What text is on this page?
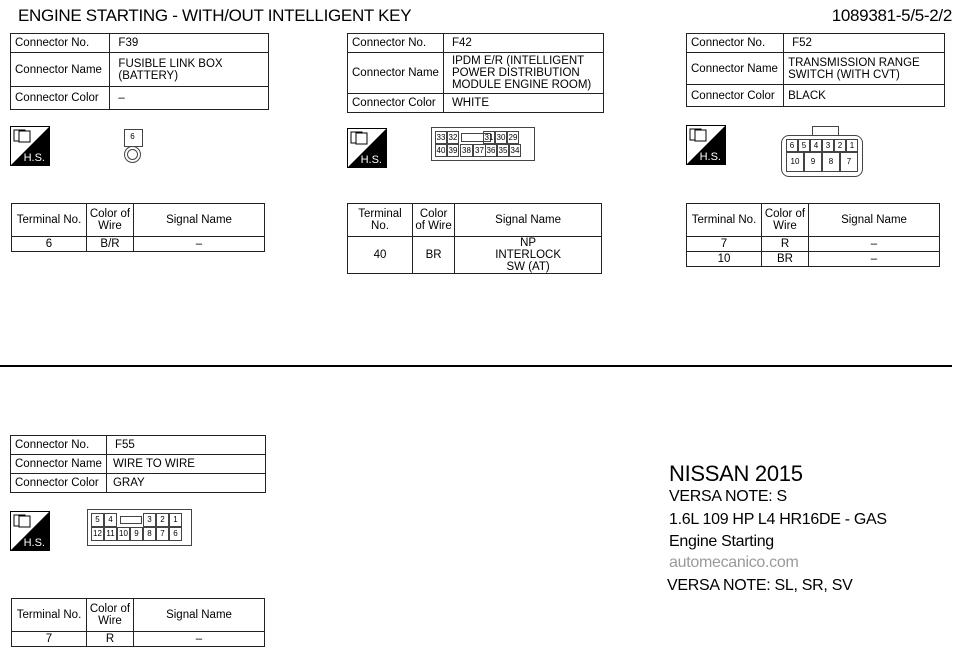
ENGINE STARTING - WITH/OUT INTELLIGENT KEY	1089381-5/5-2/2
Connector No.	F39
Connector Name	FUSIBLE LINK BOX (BATTERY)
Connector Color	–
H.S.
6
Terminal No.	Color of Wire	Signal Name
6	B/R	–
Connector No.	F42
Connector Name	IPDM E/R (INTELLIGENT POWER DISTRIBUTION MODULE ENGINE ROOM)
Connector Color	WHITE
H.S.
33 32	31 30 29
40 39 38 37 36 35 34
Terminal No.	Color of Wire	Signal Name
40	BR	NP INTERLOCK SW (AT)
Connector No.	F52
Connector Name	TRANSMISSION RANGE SWITCH (WITH CVT)
Connector Color	BLACK
H.S.
6 5 4 3 2 1
10	9	8	7
Terminal No.	Color of Wire	Signal Name
7	R	–
10	BR	–
Connector No.	F55
Connector Name	WIRE TO WIRE
Connector Color	GRAY
H.S.
5	4	3	2	1
12 11 10 9	8	7	6
Terminal No.	Color of Wire	Signal Name
7	R	–
NISSAN 2015
VERSA NOTE: S
1.6L 109 HP L4 HR16DE - GAS
Engine Starting
automecanico.com
VERSA NOTE: SL, SR, SV
